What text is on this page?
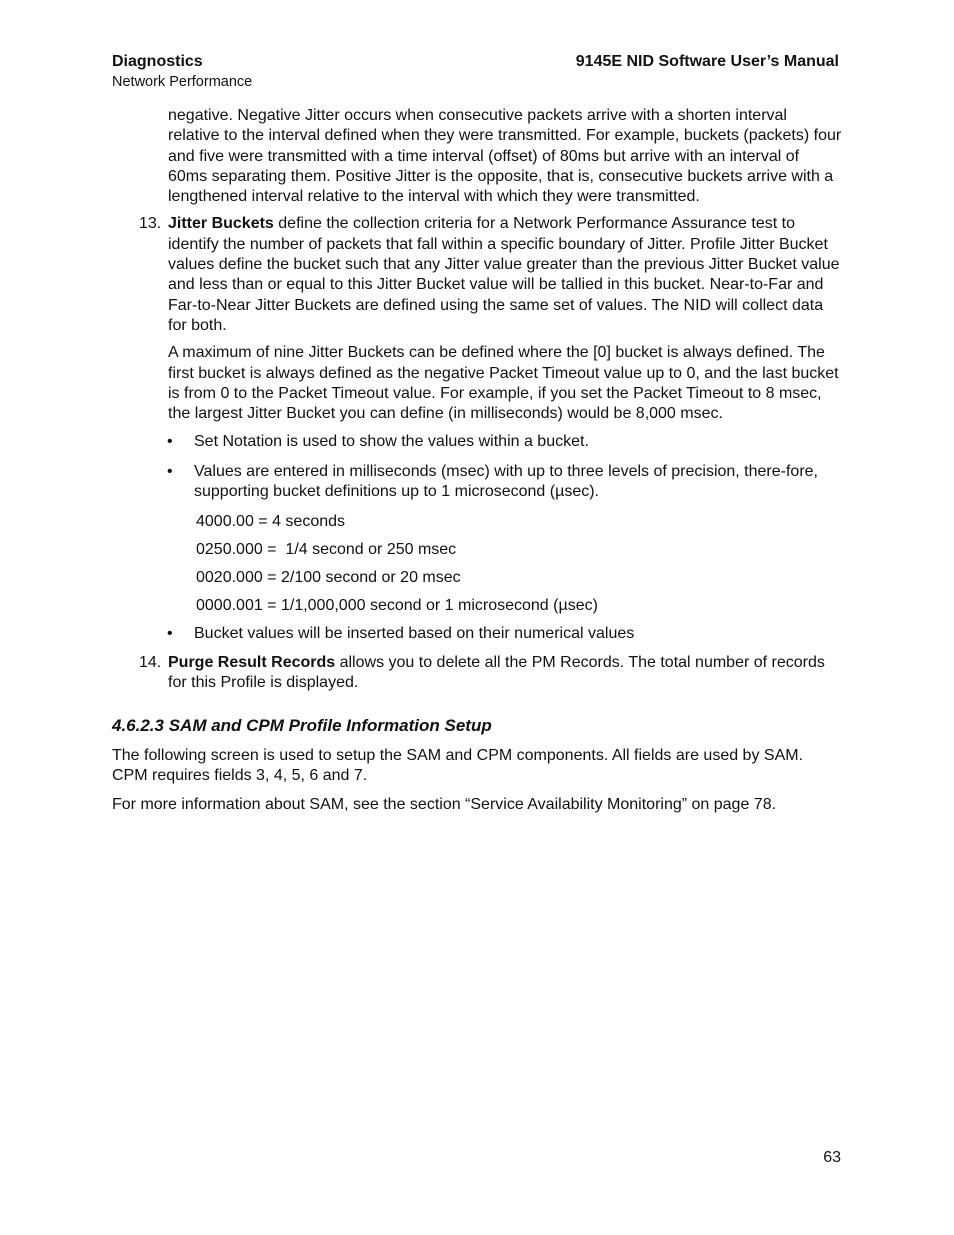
Diagnostics
Network Performance
9145E NID Software User’s Manual

negative. Negative Jitter occurs when consecutive packets arrive with a shorten interval relative to the interval defined when they were transmitted. For example, buckets (packets) four and five were transmitted with a time interval (offset) of 80ms but arrive with an interval of 60ms separating them. Positive Jitter is the opposite, that is, consecutive buckets arrive with a lengthened interval relative to the interval with which they were transmitted.

13. Jitter Buckets define the collection criteria for a Network Performance Assurance test to identify the number of packets that fall within a specific boundary of Jitter. Profile Jitter Bucket values define the bucket such that any Jitter value greater than the previous Jitter Bucket value and less than or equal to this Jitter Bucket value will be tallied in this bucket. Near-to-Far and Far-to-Near Jitter Buckets are defined using the same set of values. The NID will collect data for both.

A maximum of nine Jitter Buckets can be defined where the [0] bucket is always defined. The first bucket is always defined as the negative Packet Timeout value up to 0, and the last bucket is from 0 to the Packet Timeout value. For example, if you set the Packet Timeout to 8 msec, the largest Jitter Bucket you can define (in milliseconds) would be 8,000 msec.

• Set Notation is used to show the values within a bucket.
• Values are entered in milliseconds (msec) with up to three levels of precision, there-fore, supporting bucket definitions up to 1 microsecond (µsec).

4000.00 = 4 seconds

0250.000 =  1/4 second or 250 msec

0020.000 = 2/100 second or 20 msec

0000.001 = 1/1,000,000 second or 1 microsecond (µsec)

• Bucket values will be inserted based on their numerical values
14. Purge Result Records allows you to delete all the PM Records. The total number of records for this Profile is displayed.
4.6.2.3 SAM and CPM Profile Information Setup

The following screen is used to setup the SAM and CPM components. All fields are used by SAM. CPM requires fields 3, 4, 5, 6 and 7.

For more information about SAM, see the section “Service Availability Monitoring” on page 78.

63
